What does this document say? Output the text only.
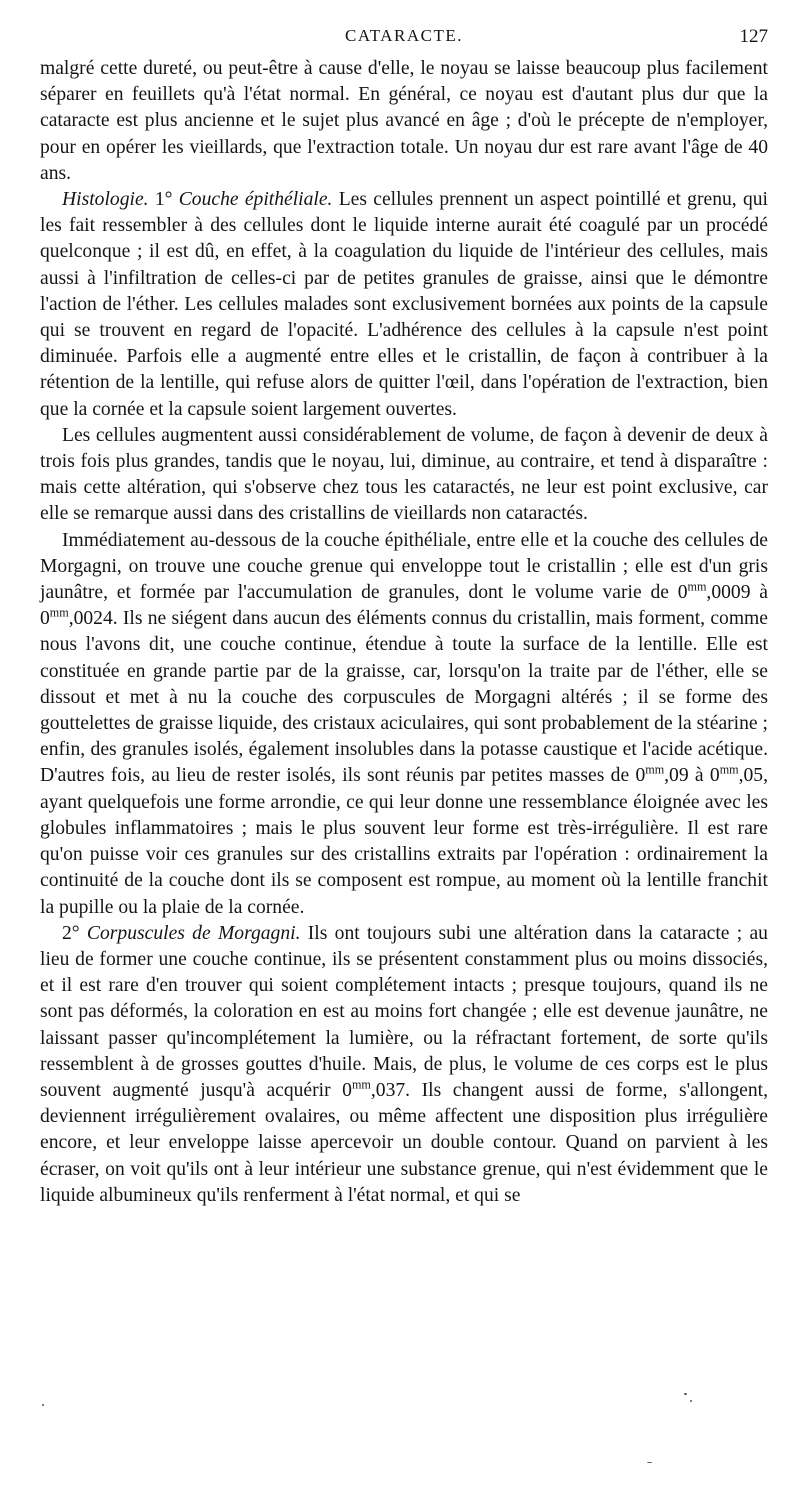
CATARACTE.	127

malgré cette dureté, ou peut-être à cause d'elle, le noyau se laisse beaucoup plus facilement séparer en feuillets qu'à l'état normal. En général, ce noyau est d'autant plus dur que la cataracte est plus ancienne et le sujet plus avancé en âge ; d'où le précepte de n'employer, pour en opérer les vieillards, que l'extraction totale. Un noyau dur est rare avant l'âge de 40 ans.

Histologie. 1° Couche épithéliale. Les cellules prennent un aspect pointillé et grenu, qui les fait ressembler à des cellules dont le liquide interne aurait été coagulé par un procédé quelconque ; il est dû, en effet, à la coagulation du liquide de l'intérieur des cellules, mais aussi à l'infiltration de celles-ci par de petites granules de graisse, ainsi que le démontre l'action de l'éther. Les cellules malades sont exclusivement bornées aux points de la capsule qui se trouvent en regard de l'opacité. L'adhérence des cellules à la capsule n'est point diminuée. Parfois elle a augmenté entre elles et le cristallin, de façon à contribuer à la rétention de la lentille, qui refuse alors de quitter l'œil, dans l'opération de l'extraction, bien que la cornée et la capsule soient largement ouvertes.

Les cellules augmentent aussi considérablement de volume, de façon à devenir de deux à trois fois plus grandes, tandis que le noyau, lui, diminue, au contraire, et tend à disparaître : mais cette altération, qui s'observe chez tous les cataractés, ne leur est point exclusive, car elle se remarque aussi dans des cristallins de vieillards non cataractés.

Immédiatement au-dessous de la couche épithéliale, entre elle et la couche des cellules de Morgagni, on trouve une couche grenue qui enveloppe tout le cristallin ; elle est d'un gris jaunâtre, et formée par l'accumulation de granules, dont le volume varie de $0^{mm},0009$ à $0^{mm},0024$. Ils ne siégent dans aucun des éléments connus du cristallin, mais forment, comme nous l'avons dit, une couche continue, étendue à toute la surface de la lentille. Elle est constituée en grande partie par de la graisse, car, lorsqu'on la traite par de l'éther, elle se dissout et met à nu la couche des corpuscules de Morgagni altérés ; il se forme des gouttelettes de graisse liquide, des cristaux aciculaires, qui sont probablement de la stéarine ; enfin, des granules isolés, également insolubles dans la potasse caustique et l'acide acétique. D'autres fois, au lieu de rester isolés, ils sont réunis par petites masses de $0^{mm},09$ à $0^{mm},05$, ayant quelquefois une forme arrondie, ce qui leur donne une ressemblance éloignée avec les globules inflammatoires ; mais le plus souvent leur forme est très-irrégulière. Il est rare qu'on puisse voir ces granules sur des cristallins extraits par l'opération : ordinairement la continuité de la couche dont ils se composent est rompue, au moment où la lentille franchit la pupille ou la plaie de la cornée.

2° Corpuscules de Morgagni. Ils ont toujours subi une altération dans la cataracte ; au lieu de former une couche continue, ils se présentent constamment plus ou moins dissociés, et il est rare d'en trouver qui soient complétement intacts ; presque toujours, quand ils ne sont pas déformés, la coloration en est au moins fort changée ; elle est devenue jaunâtre, ne laissant passer qu'incomplétement la lumière, ou la réfractant fortement, de sorte qu'ils ressemblent à de grosses gouttes d'huile. Mais, de plus, le volume de ces corps est le plus souvent augmenté jusqu'à acquérir $0^{mm},037$. Ils changent aussi de forme, s'allongent, deviennent irrégulièrement ovalaires, ou même affectent une disposition plus irrégulière encore, et leur enveloppe laisse apercevoir un double contour. Quand on parvient à les écraser, on voit qu'ils ont à leur intérieur une substance grenue, qui n'est évidemment que le liquide albumineux qu'ils renferment à l'état normal, et qui se
